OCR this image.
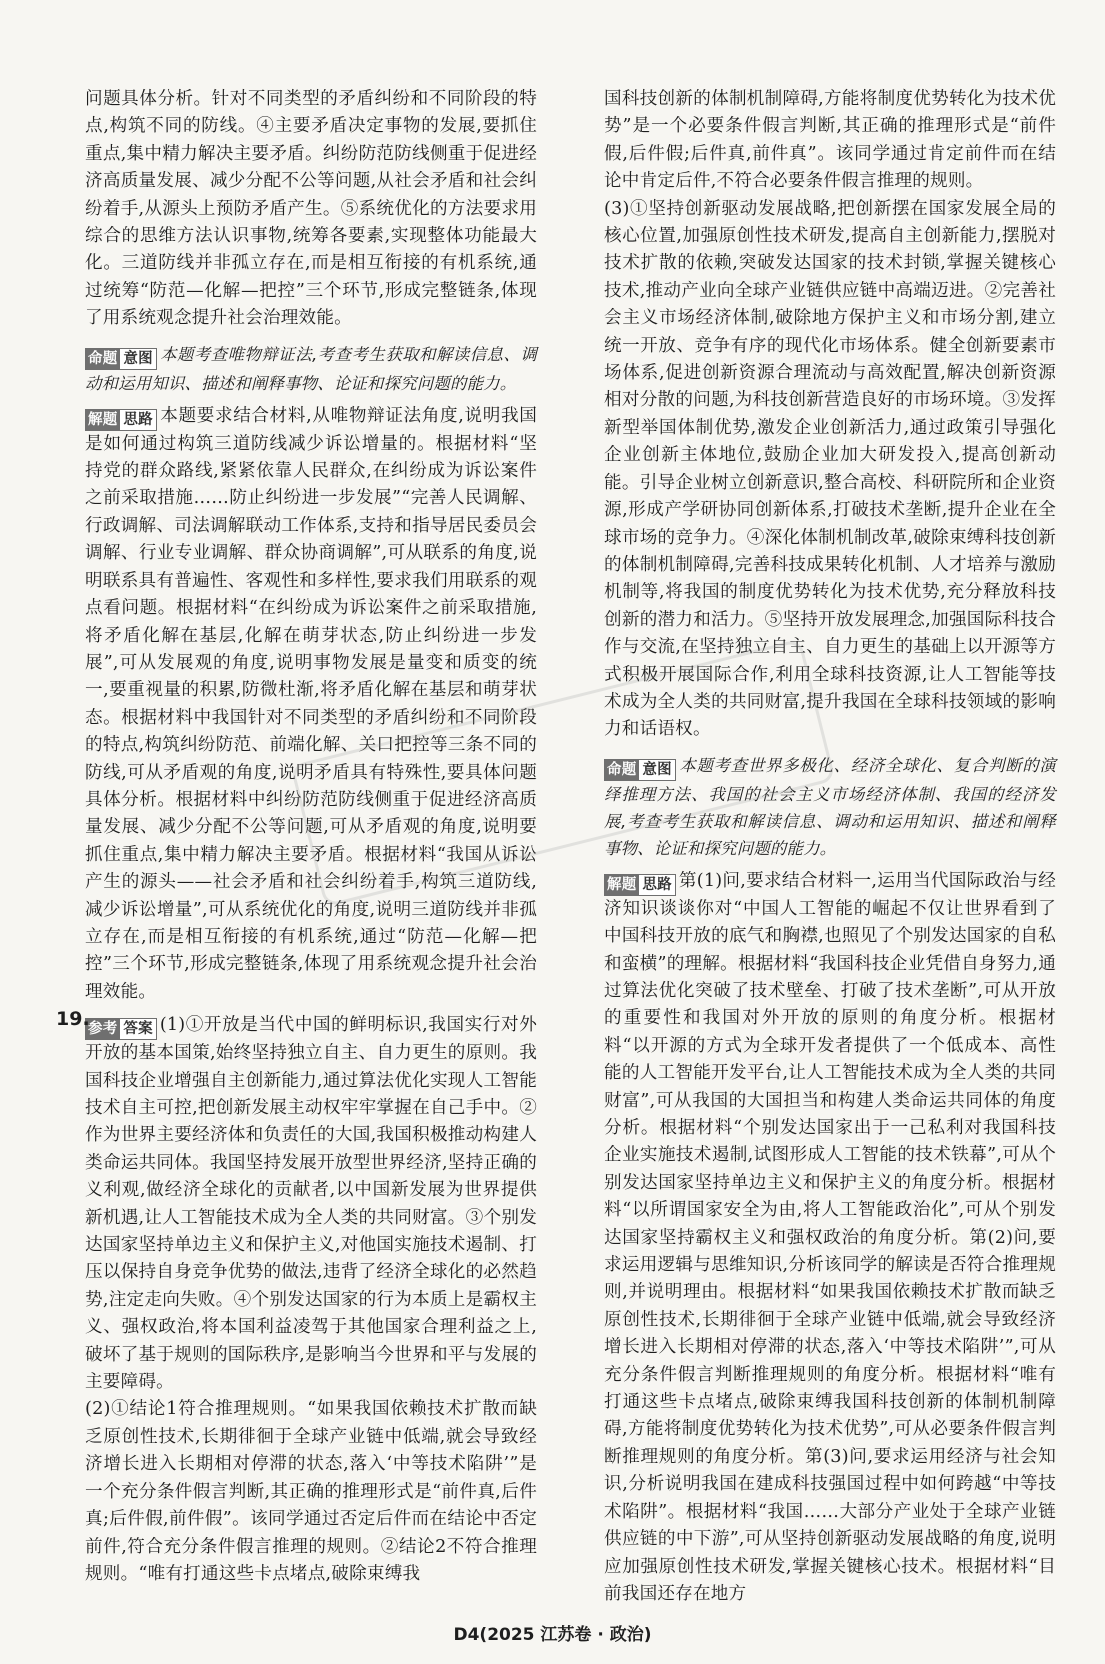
问题具体分析。针对不同类型的矛盾纠纷和不同阶段的特点,构筑不同的防线。④主要矛盾决定事物的发展,要抓住重点,集中精力解决主要矛盾。纠纷防范防线侧重于促进经济高质量发展、减少分配不公等问题,从社会矛盾和社会纠纷着手,从源头上预防矛盾产生。⑤系统优化的方法要求用综合的思维方法认识事物,统筹各要素,实现整体功能最大化。三道防线并非孤立存在,而是相互衔接的有机系统,通过统筹“防范—化解—把控”三个环节,形成完整链条,体现了用系统观念提升社会治理效能。

命题 意图 本题考查唯物辩证法,考查考生获取和解读信息、调动和运用知识、描述和阐释事物、论证和探究问题的能力。

解题 思路 本题要求结合材料,从唯物辩证法角度,说明我国是如何通过构筑三道防线减少诉讼增量的。根据材料“坚持党的群众路线,紧紧依靠人民群众,在纠纷成为诉讼案件之前采取措施……防止纠纷进一步发展”“完善人民调解、行政调解、司法调解联动工作体系,支持和指导居民委员会调解、行业专业调解、群众协商调解”,可从联系的角度,说明联系具有普遍性、客观性和多样性,要求我们用联系的观点看问题。根据材料“在纠纷成为诉讼案件之前采取措施,将矛盾化解在基层,化解在萌芽状态,防止纠纷进一步发展”,可从发展观的角度,说明事物发展是量变和质变的统一,要重视量的积累,防微杜渐,将矛盾化解在基层和萌芽状态。根据材料中我国针对不同类型的矛盾纠纷和不同阶段的特点,构筑纠纷防范、前端化解、关口把控等三条不同的防线,可从矛盾观的角度,说明矛盾具有特殊性,要具体问题具体分析。根据材料中纠纷防范防线侧重于促进经济高质量发展、减少分配不公等问题,可从矛盾观的角度,说明要抓住重点,集中精力解决主要矛盾。根据材料“我国从诉讼产生的源头——社会矛盾和社会纠纷着手,构筑三道防线,减少诉讼增量”,可从系统优化的角度,说明三道防线并非孤立存在,而是相互衔接的有机系统,通过“防范—化解—把控”三个环节,形成完整链条,体现了用系统观念提升社会治理效能。

参考 答案 (1)①开放是当代中国的鲜明标识,我国实行对外开放的基本国策,始终坚持独立自主、自力更生的原则。我国科技企业增强自主创新能力,通过算法优化实现人工智能技术自主可控,把创新发展主动权牢牢掌握在自己手中。②作为世界主要经济体和负责任的大国,我国积极推动构建人类命运共同体。我国坚持发展开放型世界经济,坚持正确的义利观,做经济全球化的贡献者,以中国新发展为世界提供新机遇,让人工智能技术成为全人类的共同财富。③个别发达国家坚持单边主义和保护主义,对他国实施技术遏制、打压以保持自身竞争优势的做法,违背了经济全球化的必然趋势,注定走向失败。④个别发达国家的行为本质上是霸权主义、强权政治,将本国利益凌驾于其他国家合理利益之上,破坏了基于规则的国际秩序,是影响当今世界和平与发展的主要障碍。

(2)①结论1符合推理规则。“如果我国依赖技术扩散而缺乏原创性技术,长期徘徊于全球产业链中低端,就会导致经济增长进入长期相对停滞的状态,落入‘中等技术陷阱’”是一个充分条件假言判断,其正确的推理形式是“前件真,后件真;后件假,前件假”。该同学通过否定后件而在结论中否定前件,符合充分条件假言推理的规则。②结论2不符合推理规则。“唯有打通这些卡点堵点,破除束缚我

19.

国科技创新的体制机制障碍,方能将制度优势转化为技术优势”是一个必要条件假言判断,其正确的推理形式是“前件假,后件假;后件真,前件真”。该同学通过肯定前件而在结论中肯定后件,不符合必要条件假言推理的规则。

(3)①坚持创新驱动发展战略,把创新摆在国家发展全局的核心位置,加强原创性技术研发,提高自主创新能力,摆脱对技术扩散的依赖,突破发达国家的技术封锁,掌握关键核心技术,推动产业向全球产业链供应链中高端迈进。②完善社会主义市场经济体制,破除地方保护主义和市场分割,建立统一开放、竞争有序的现代化市场体系。健全创新要素市场体系,促进创新资源合理流动与高效配置,解决创新资源相对分散的问题,为科技创新营造良好的市场环境。③发挥新型举国体制优势,激发企业创新活力,通过政策引导强化企业创新主体地位,鼓励企业加大研发投入,提高创新动能。引导企业树立创新意识,整合高校、科研院所和企业资源,形成产学研协同创新体系,打破技术垄断,提升企业在全球市场的竞争力。④深化体制机制改革,破除束缚科技创新的体制机制障碍,完善科技成果转化机制、人才培养与激励机制等,将我国的制度优势转化为技术优势,充分释放科技创新的潜力和活力。⑤坚持开放发展理念,加强国际科技合作与交流,在坚持独立自主、自力更生的基础上以开源等方式积极开展国际合作,利用全球科技资源,让人工智能等技术成为全人类的共同财富,提升我国在全球科技领域的影响力和话语权。

命题 意图 本题考查世界多极化、经济全球化、复合判断的演绎推理方法、我国的社会主义市场经济体制、我国的经济发展,考查考生获取和解读信息、调动和运用知识、描述和阐释事物、论证和探究问题的能力。

解题 思路 第(1)问,要求结合材料一,运用当代国际政治与经济知识谈谈你对“中国人工智能的崛起不仅让世界看到了中国科技开放的底气和胸襟,也照见了个别发达国家的自私和蛮横”的理解。根据材料“我国科技企业凭借自身努力,通过算法优化突破了技术壁垒、打破了技术垄断”,可从开放的重要性和我国对外开放的原则的角度分析。根据材料“以开源的方式为全球开发者提供了一个低成本、高性能的人工智能开发平台,让人工智能技术成为全人类的共同财富”,可从我国的大国担当和构建人类命运共同体的角度分析。根据材料“个别发达国家出于一己私利对我国科技企业实施技术遏制,试图形成人工智能的技术铁幕”,可从个别发达国家坚持单边主义和保护主义的角度分析。根据材料“以所谓国家安全为由,将人工智能政治化”,可从个别发达国家坚持霸权主义和强权政治的角度分析。第(2)问,要求运用逻辑与思维知识,分析该同学的解读是否符合推理规则,并说明理由。根据材料“如果我国依赖技术扩散而缺乏原创性技术,长期徘徊于全球产业链中低端,就会导致经济增长进入长期相对停滞的状态,落入‘中等技术陷阱’”,可从充分条件假言判断推理规则的角度分析。根据材料“唯有打通这些卡点堵点,破除束缚我国科技创新的体制机制障碍,方能将制度优势转化为技术优势”,可从必要条件假言判断推理规则的角度分析。第(3)问,要求运用经济与社会知识,分析说明我国在建成科技强国过程中如何跨越“中等技术陷阱”。根据材料“我国……大部分产业处于全球产业链供应链的中下游”,可从坚持创新驱动发展战略的角度,说明应加强原创性技术研发,掌握关键核心技术。根据材料“目前我国还存在地方

D4(2025 江苏卷 · 政治)
